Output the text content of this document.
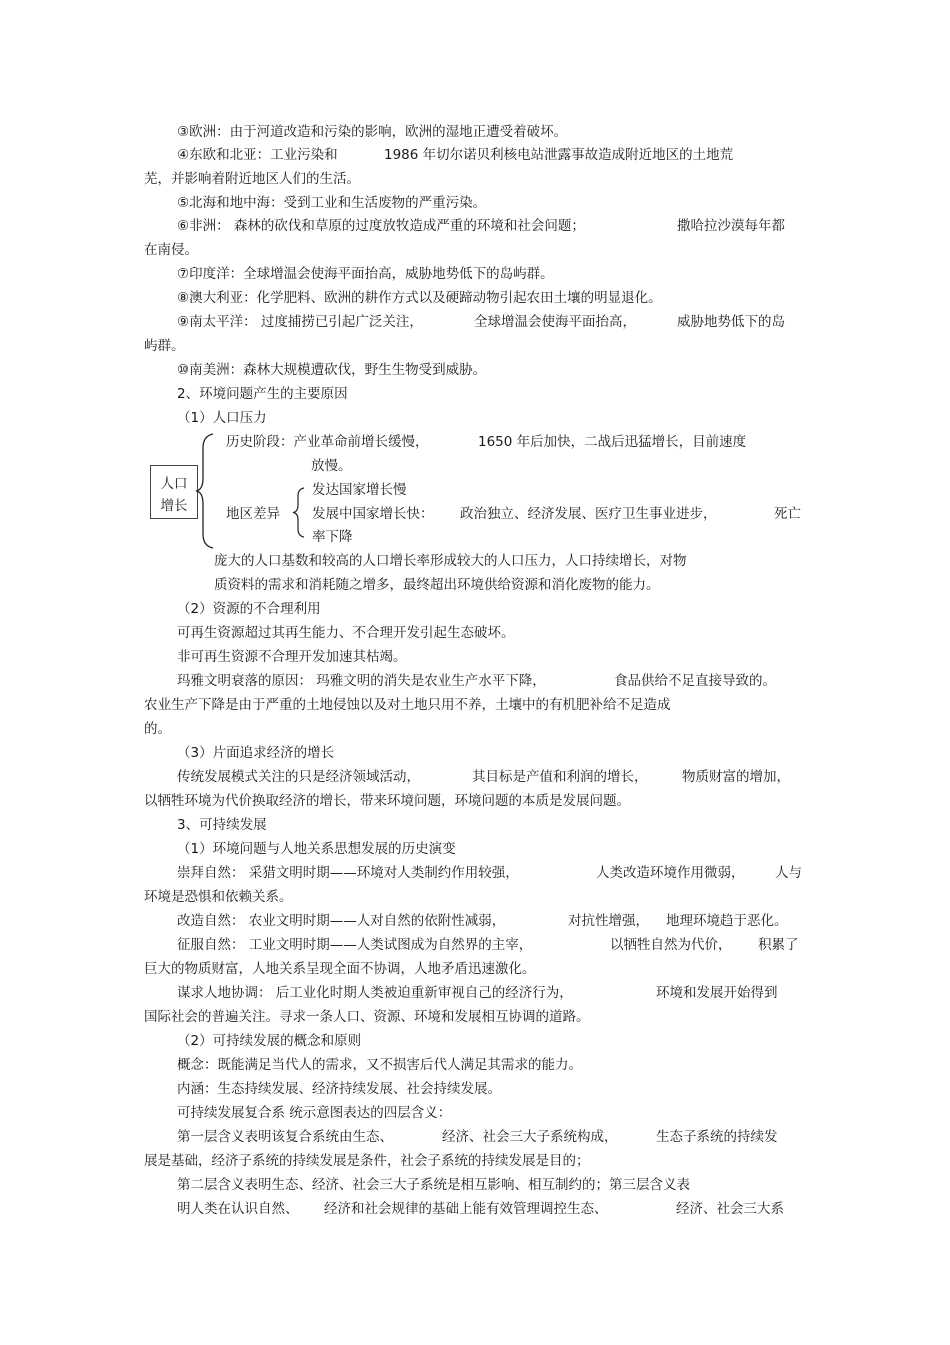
人口
增长
③欧洲：由于河道改造和污染的影响，欧洲的湿地正遭受着破坏。
④东欧和北亚：工业污染和	1986 年切尔诺贝利核电站泄露事故造成附近地区的土地荒
芜，并影响着附近地区人们的生活。
⑤北海和地中海：受到工业和生活废物的严重污染。
⑥非洲： 森林的砍伐和草原的过度放牧造成严重的环境和社会问题；	撒哈拉沙漠每年都
在南侵。
⑦印度洋：全球增温会使海平面抬高，威胁地势低下的岛屿群。
⑧澳大利亚：化学肥料、欧洲的耕作方式以及硬蹄动物引起农田土壤的明显退化。
⑨南太平洋： 过度捕捞已引起广泛关注，	全球增温会使海平面抬高，	威胁地势低下的岛
屿群。
⑩南美洲：森林大规模遭砍伐，野生生物受到威胁。
2、环境问题产生的主要原因
（1）人口压力
历史阶段：产业革命前增长缓慢，	1650 年后加快，二战后迅猛增长，目前速度
放慢。
发达国家增长慢
地区差异 发展中国家增长快： 政治独立、经济发展、医疗卫生事业进步，	死亡
率下降
庞大的人口基数和较高的人口增长率形成较大的人口压力，人口持续增长，对物
质资料的需求和消耗随之增多，最终超出环境供给资源和消化废物的能力。
（2）资源的不合理利用
可再生资源超过其再生能力、不合理开发引起生态破坏。
非可再生资源不合理开发加速其枯竭。
玛雅文明衰落的原因： 玛雅文明的消失是农业生产水平下降，	食品供给不足直接导致的。
农业生产下降是由于严重的土地侵蚀以及对土地只用不养，土壤中的有机肥补给不足造成
的。
（3）片面追求经济的增长
传统发展模式关注的只是经济领域活动，	其目标是产值和利润的增长，	物质财富的增加，
以牺牲环境为代价换取经济的增长，带来环境问题，环境问题的本质是发展问题。
3、可持续发展
（1）环境问题与人地关系思想发展的历史演变
崇拜自然： 采猎文明时期——环境对人类制约作用较强，	人类改造环境作用微弱， 人与
环境是恐惧和依赖关系。
改造自然： 农业文明时期——人对自然的依附性减弱，	对抗性增强， 地理环境趋于恶化。
征服自然： 工业文明时期——人类试图成为自然界的主宰，	以牺牲自然为代价， 积累了
巨大的物质财富，人地关系呈现全面不协调，人地矛盾迅速激化。
谋求人地协调： 后工业化时期人类被迫重新审视自己的经济行为，	环境和发展开始得到
国际社会的普遍关注。寻求一条人口、资源、环境和发展相互协调的道路。
（2）可持续发展的概念和原则
概念：既能满足当代人的需求，又不损害后代人满足其需求的能力。
内涵：生态持续发展、经济持续发展、社会持续发展。
可持续发展复合系 统示意图表达的四层含义：
第一层含义表明该复合系统由生态、	经济、社会三大子系统构成，	生态子系统的持续发
展是基础，经济子系统的持续发展是条件，社会子系统的持续发展是目的；
第二层含义表明生态、经济、社会三大子系统是相互影响、相互制约的；第三层含义表
明人类在认识自然、 经济和社会规律的基础上能有效管理调控生态、	经济、社会三大系
